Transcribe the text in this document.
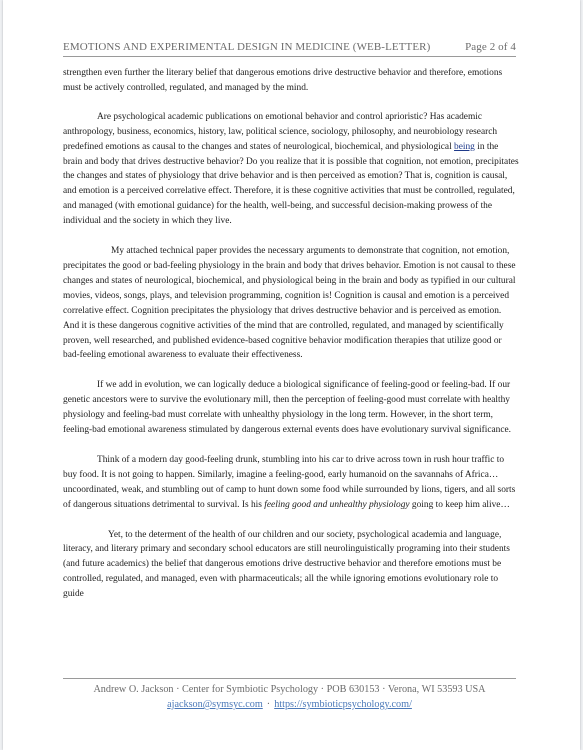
EMOTIONS AND EXPERIMENTAL DESIGN IN MEDICINE (WEB-LETTER)	Page 2 of 4

strengthen even further the literary belief that dangerous emotions drive destructive behavior and therefore, emotions must be actively controlled, regulated, and managed by the mind.

Are psychological academic publications on emotional behavior and control aprioristic? Has academic anthropology, business, economics, history, law, political science, sociology, philosophy, and neurobiology research predefined emotions as causal to the changes and states of neurological, biochemical, and physiological being in the brain and body that drives destructive behavior? Do you realize that it is possible that cognition, not emotion, precipitates the changes and states of physiology that drive behavior and is then perceived as emotion? That is, cognition is causal, and emotion is a perceived correlative effect. Therefore, it is these cognitive activities that must be controlled, regulated, and managed (with emotional guidance) for the health, well-being, and successful decision-making prowess of the individual and the society in which they live.

My attached technical paper provides the necessary arguments to demonstrate that cognition, not emotion, precipitates the good or bad-feeling physiology in the brain and body that drives behavior. Emotion is not causal to these changes and states of neurological, biochemical, and physiological being in the brain and body as typified in our cultural movies, videos, songs, plays, and television programming, cognition is! Cognition is causal and emotion is a perceived correlative effect. Cognition precipitates the physiology that drives destructive behavior and is perceived as emotion. And it is these dangerous cognitive activities of the mind that are controlled, regulated, and managed by scientifically proven, well researched, and published evidence-based cognitive behavior modification therapies that utilize good or bad-feeling emotional awareness to evaluate their effectiveness.

If we add in evolution, we can logically deduce a biological significance of feeling-good or feeling-bad. If our genetic ancestors were to survive the evolutionary mill, then the perception of feeling-good must correlate with healthy physiology and feeling-bad must correlate with unhealthy physiology in the long term. However, in the short term, feeling-bad emotional awareness stimulated by dangerous external events does have evolutionary survival significance.

Think of a modern day good-feeling drunk, stumbling into his car to drive across town in rush hour traffic to buy food. It is not going to happen. Similarly, imagine a feeling-good, early humanoid on the savannahs of Africa… uncoordinated, weak, and stumbling out of camp to hunt down some food while surrounded by lions, tigers, and all sorts of dangerous situations detrimental to survival. Is his feeling good and unhealthy physiology going to keep him alive…

Yet, to the determent of the health of our children and our society, psychological academia and language, literacy, and literary primary and secondary school educators are still neurolinguistically programing into their students (and future academics) the belief that dangerous emotions drive destructive behavior and therefore emotions must be controlled, regulated, and managed, even with pharmaceuticals; all the while ignoring emotions evolutionary role to guide

Andrew O. Jackson · Center for Symbiotic Psychology · POB 630153 · Verona, WI 53593 USA
ajackson@symsyc.com · https://symbioticpsychology.com/
